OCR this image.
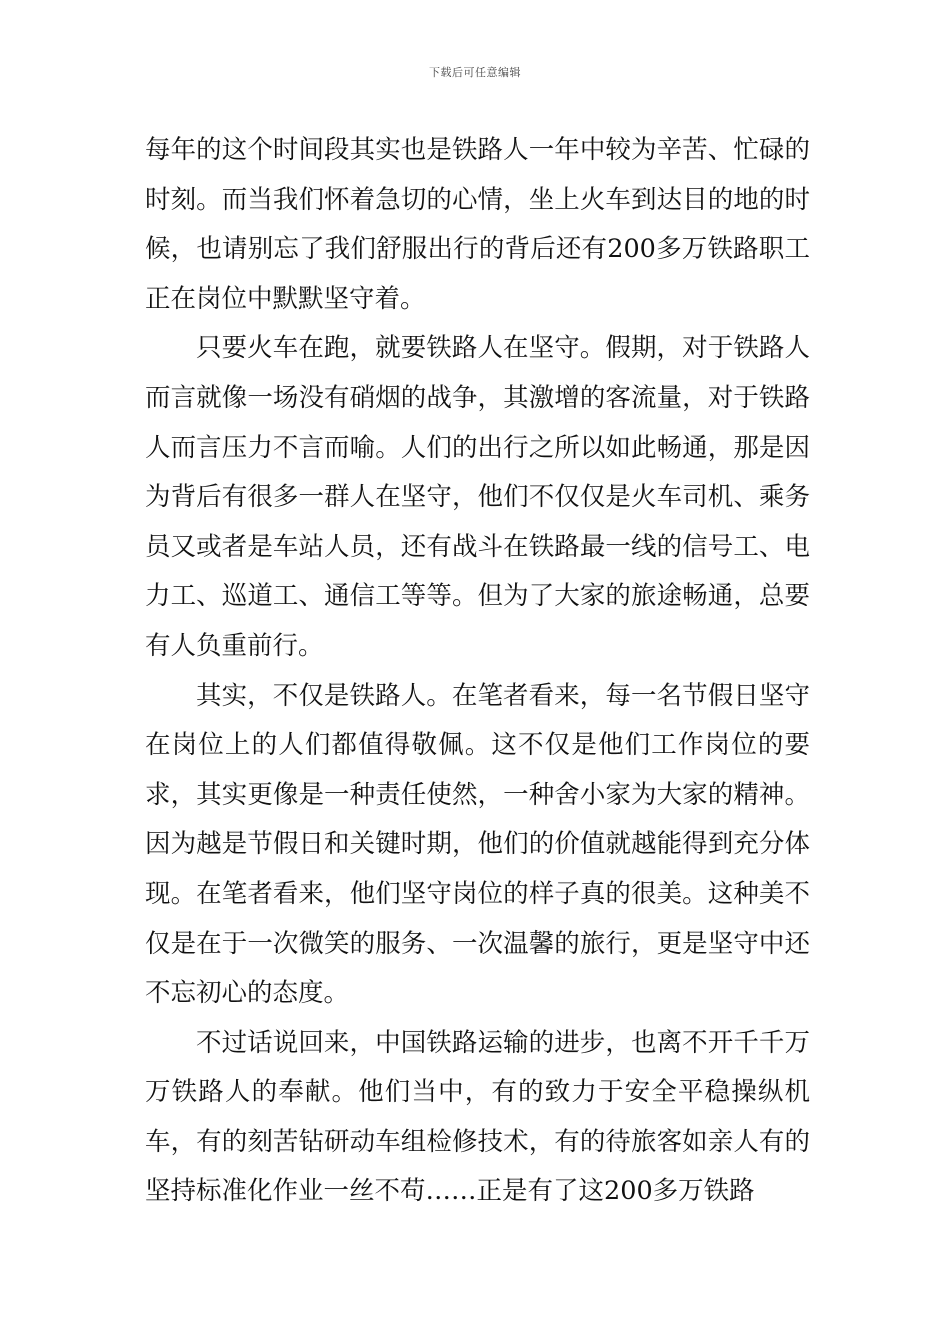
下载后可任意编辑

每年的这个时间段其实也是铁路人一年中较为辛苦、忙碌的时刻。而当我们怀着急切的心情，坐上火车到达目的地的时候，也请别忘了我们舒服出行的背后还有200多万铁路职工正在岗位中默默坚守着。

只要火车在跑，就要铁路人在坚守。假期，对于铁路人而言就像一场没有硝烟的战争，其激增的客流量，对于铁路人而言压力不言而喻。人们的出行之所以如此畅通，那是因为背后有很多一群人在坚守，他们不仅仅是火车司机、乘务员又或者是车站人员，还有战斗在铁路最一线的信号工、电力工、巡道工、通信工等等。但为了大家的旅途畅通，总要有人负重前行。

其实，不仅是铁路人。在笔者看来，每一名节假日坚守在岗位上的人们都值得敬佩。这不仅是他们工作岗位的要求，其实更像是一种责任使然，一种舍小家为大家的精神。因为越是节假日和关键时期，他们的价值就越能得到充分体现。在笔者看来，他们坚守岗位的样子真的很美。这种美不仅是在于一次微笑的服务、一次温馨的旅行，更是坚守中还不忘初心的态度。

不过话说回来，中国铁路运输的进步，也离不开千千万万铁路人的奉献。他们当中，有的致力于安全平稳操纵机车，有的刻苦钻研动车组检修技术，有的待旅客如亲人有的坚持标准化作业一丝不苟……正是有了这200多万铁路
